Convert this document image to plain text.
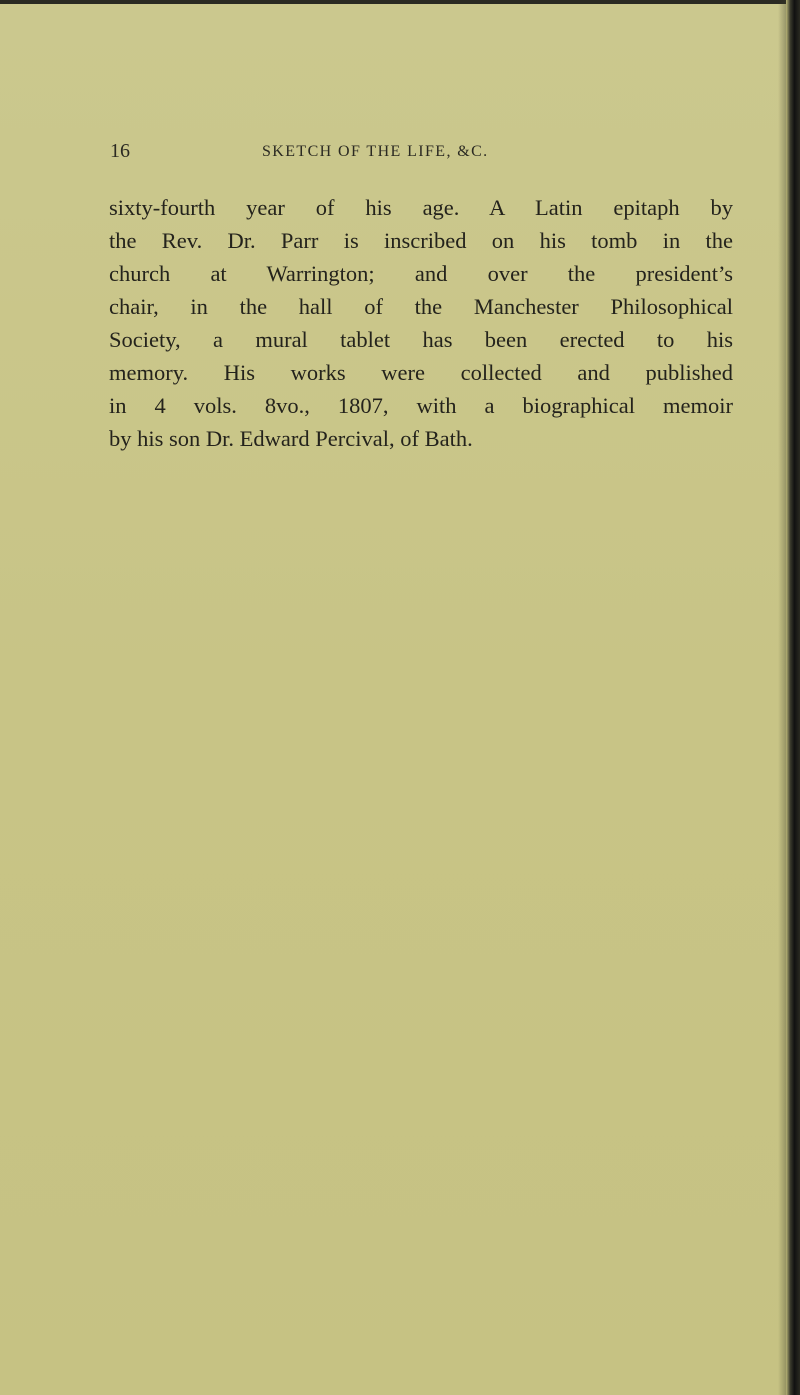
16	SKETCH OF THE LIFE, &C.
sixty-fourth year of his age. A Latin epitaph by
the Rev. Dr. Parr is inscribed on his tomb in the
church at Warrington; and over the president’s
chair, in the hall of the Manchester Philosophical
Society, a mural tablet has been erected to his
memory. His works were collected and published
in 4 vols. 8vo., 1807, with a biographical memoir
by his son Dr. Edward Percival, of Bath.
